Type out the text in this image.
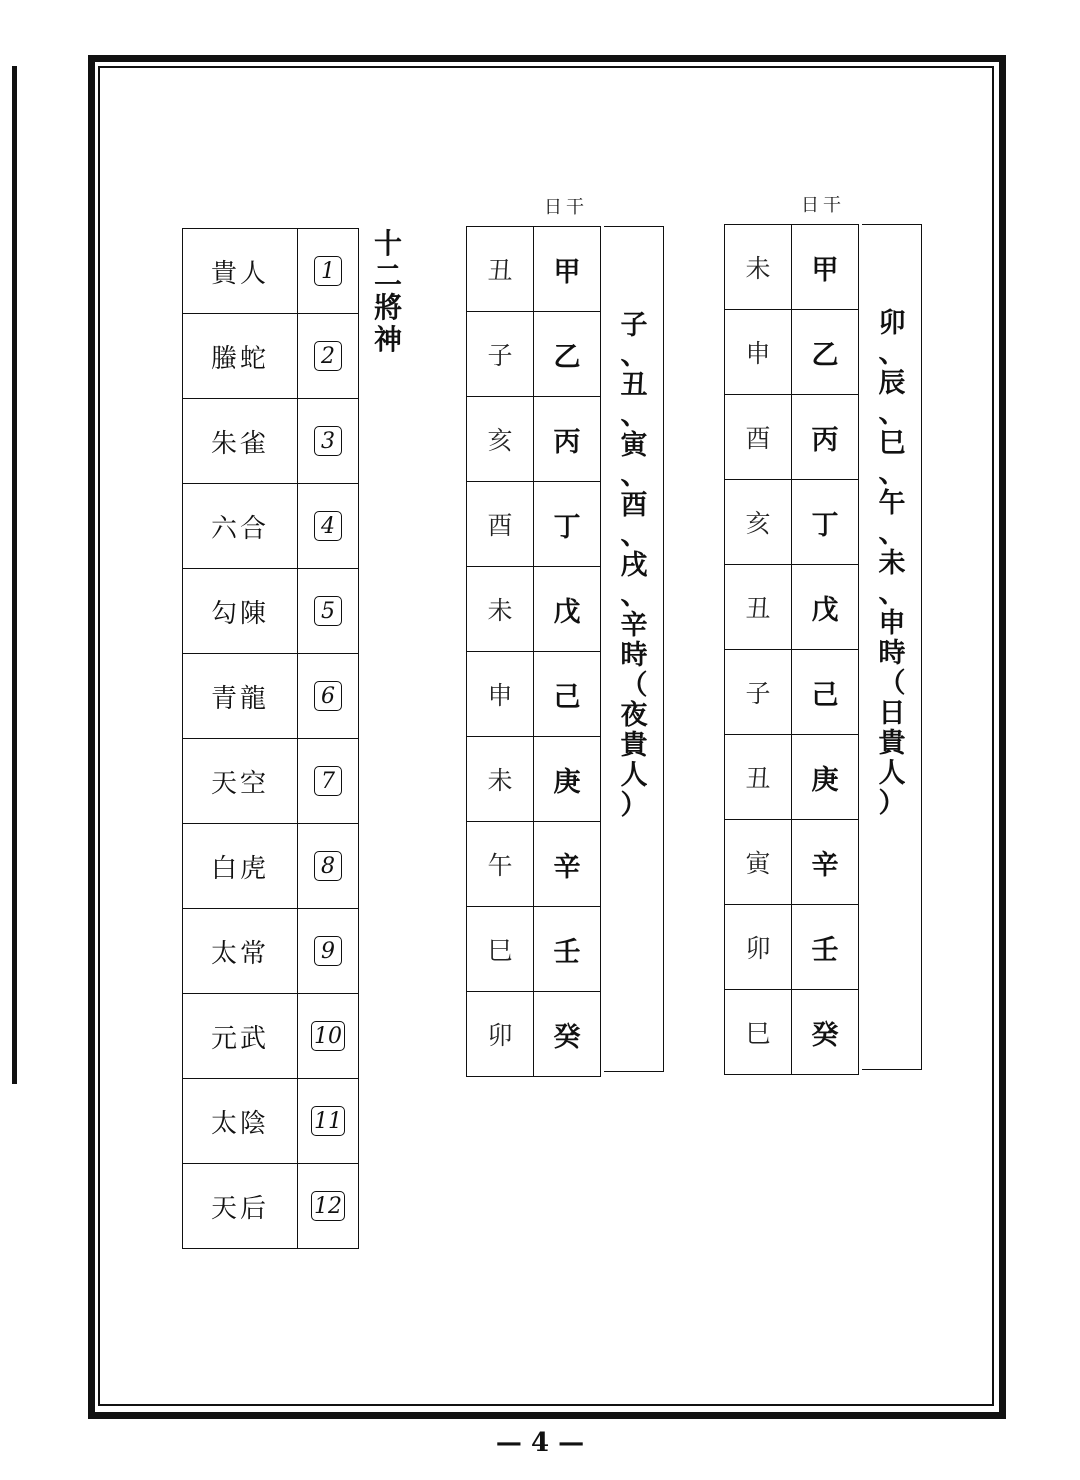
貴人	1
螣蛇	2
朱雀	3
六合	4
勾陳	5
青龍	6
天空	7
白虎	8
太常	9
元武	10
太陰	11
天后	12
十
二
將
神
日干
丑	甲
子	乙
亥	丙
酉	丁
未	戊
申	己
未	庚
午	辛
巳	壬
卯	癸
子
、
丑
、
寅
、
酉
、
戌
、
辛
時
（
夜
貴
人
）
日干
未	甲
申	乙
酉	丙
亥	丁
丑	戊
子	己
丑	庚
寅	辛
卯	壬
巳	癸
卯
、
辰
、
巳
、
午
、
未
、
申
時
（
日
貴
人
）
— 4 —
